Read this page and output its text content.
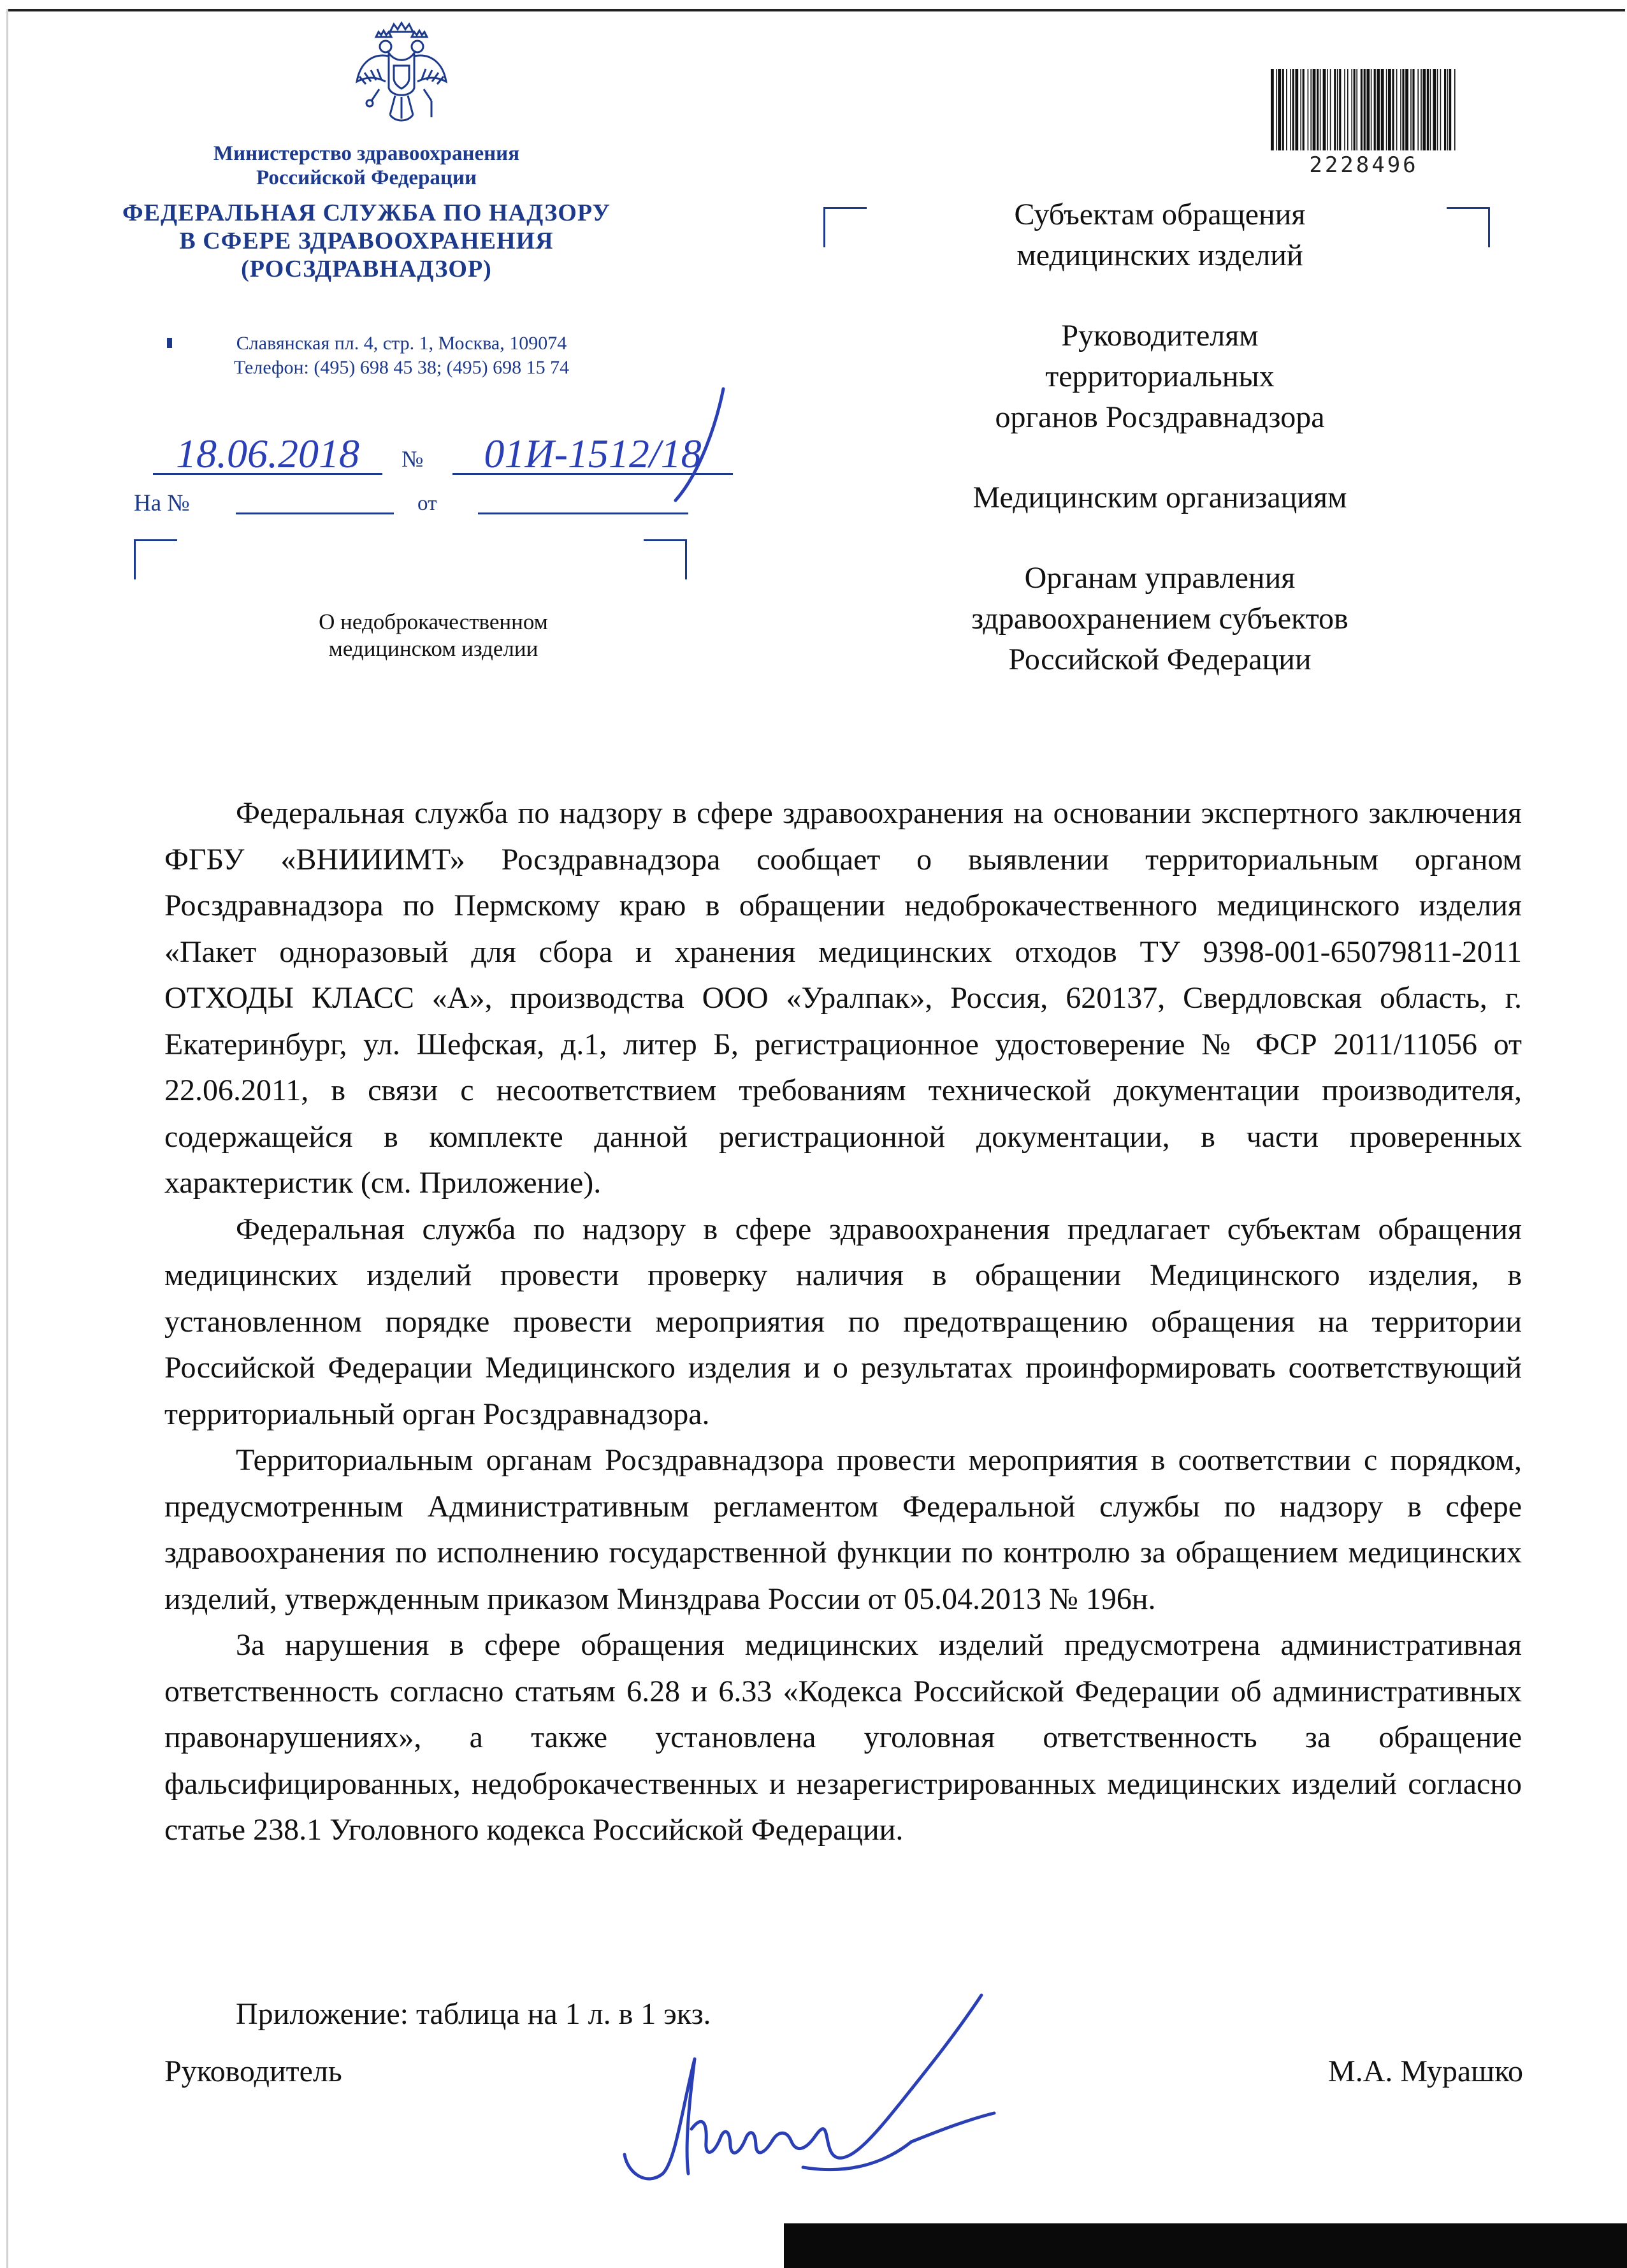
Министерство здравоохранения
Российской Федерации
ФЕДЕРАЛЬНАЯ СЛУЖБА ПО НАДЗОРУ
В СФЕРЕ ЗДРАВООХРАНЕНИЯ
(РОСЗДРАВНАДЗОР)
Славянская пл. 4, стр. 1, Москва, 109074
Телефон: (495) 698 45 38; (495) 698 15 74
18.06.2018	№	01И-1512/18
На №	от
О недоброкачественном
медицинском изделии
2228496
Субъектам обращения
медицинских изделий
Руководителям
территориальных
органов Росздравнадзора
Медицинским организациям
Органам управления
здравоохранением субъектов
Российской Федерации

Федеральная служба по надзору в сфере здравоохранения на основании экспертного заключения ФГБУ «ВНИИИМТ» Росздравнадзора сообщает о выявлении территориальным органом Росздравнадзора по Пермскому краю в обращении недоброкачественного медицинского изделия «Пакет одноразовый для сбора и хранения медицинских отходов ТУ 9398-001-65079811-2011 ОТХОДЫ КЛАСС «А», производства ООО «Уралпак», Россия, 620137, Свердловская область, г. Екатеринбург, ул. Шефская, д.1, литер Б, регистрационное удостоверение № ФСР 2011/11056 от 22.06.2011, в связи с несоответствием требованиям технической документации производителя, содержащейся в комплекте данной регистрационной документации, в части проверенных характеристик (см. Приложение).

Федеральная служба по надзору в сфере здравоохранения предлагает субъектам обращения медицинских изделий провести проверку наличия в обращении Медицинского изделия, в установленном порядке провести мероприятия по предотвращению обращения на территории Российской Федерации Медицинского изделия и о результатах проинформировать соответствующий территориальный орган Росздравнадзора.

Территориальным органам Росздравнадзора провести мероприятия в соответствии с порядком, предусмотренным Административным регламентом Федеральной службы по надзору в сфере здравоохранения по исполнению государственной функции по контролю за обращением медицинских изделий, утвержденным приказом Минздрава России от 05.04.2013 № 196н.

За нарушения в сфере обращения медицинских изделий предусмотрена административная ответственность согласно статьям 6.28 и 6.33 «Кодекса Российской Федерации об административных правонарушениях», а также установлена уголовная ответственность за обращение фальсифицированных, недоброкачественных и незарегистрированных медицинских изделий согласно статье 238.1 Уголовного кодекса Российской Федерации.

Приложение: таблица на 1 л. в 1 экз.
Руководитель	М.А. Мурашко
